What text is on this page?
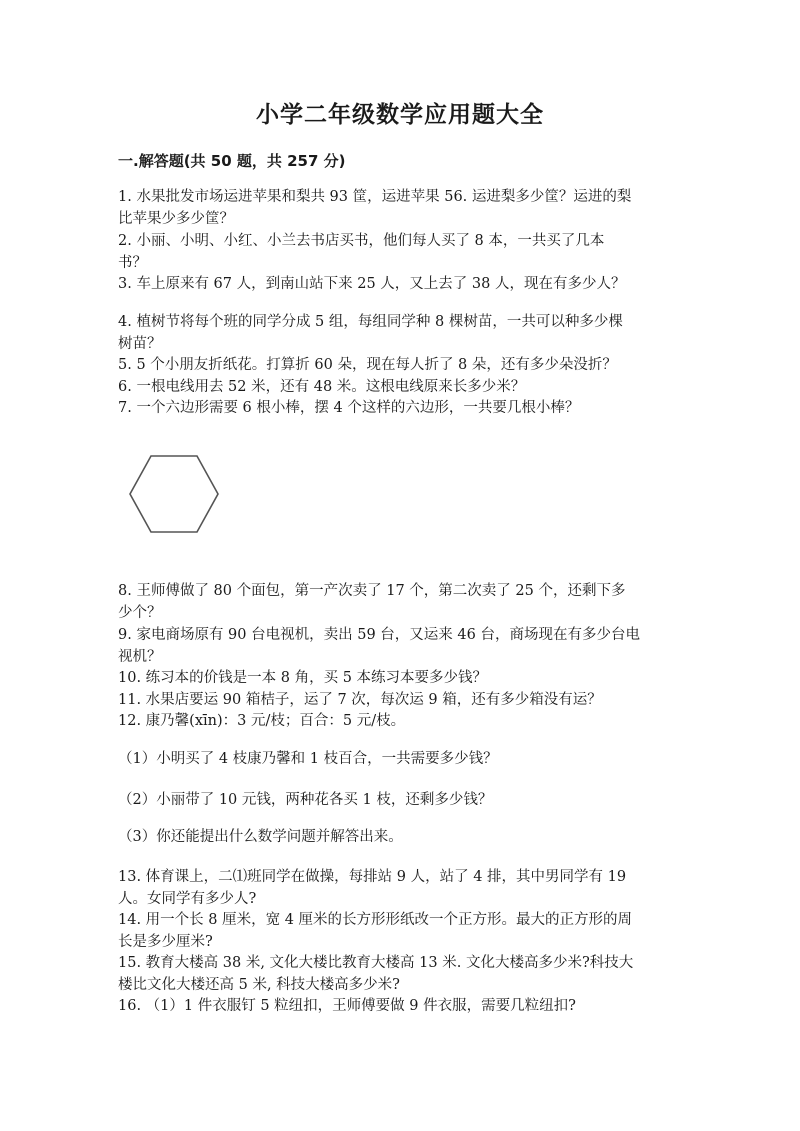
小学二年级数学应用题大全
一.解答题(共 50 题，共 257 分)
1. 水果批发市场运进苹果和梨共 93 筐，运进苹果 56. 运进梨多少筐？运进的梨
比苹果少多少筐？
2. 小丽、小明、小红、小兰去书店买书，他们每人买了 8 本，一共买了几本
书？
3. 车上原来有 67 人，到南山站下来 25 人，又上去了 38 人，现在有多少人？
4. 植树节将每个班的同学分成 5 组，每组同学种 8 棵树苗，一共可以种多少棵
树苗？
5. 5 个小朋友折纸花。打算折 60 朵，现在每人折了 8 朵，还有多少朵没折？
6. 一根电线用去 52 米，还有 48 米。这根电线原来长多少米？
7. 一个六边形需要 6 根小棒，摆 4 个这样的六边形，一共要几根小棒？
8. 王师傅做了 80 个面包，第一产次卖了 17 个，第二次卖了 25 个，还剩下多
少个？
9. 家电商场原有 90 台电视机，卖出 59 台，又运来 46 台，商场现在有多少台电
视机？
10. 练习本的价钱是一本 8 角，买 5 本练习本要多少钱？
11. 水果店要运 90 箱桔子，运了 7 次，每次运 9 箱，还有多少箱没有运？
12. 康乃馨(xīn)：3 元/枝；百合：5 元/枝。
（1）小明买了 4 枝康乃馨和 1 枝百合，一共需要多少钱？
（2）小丽带了 10 元钱，两种花各买 1 枝，还剩多少钱？
（3）你还能提出什么数学问题并解答出来。
13. 体育课上，二⑴班同学在做操，每排站 9 人，站了 4 排，其中男同学有 19
人。女同学有多少人?
14. 用一个长 8 厘米，宽 4 厘米的长方形形纸改一个正方形。最大的正方形的周
长是多少厘米?
15. 教育大楼高 38 米, 文化大楼比教育大楼高 13 米. 文化大楼高多少米?科技大
楼比文化大楼还高 5 米, 科技大楼高多少米?
16. （1）1 件衣服钉 5 粒纽扣，王师傅要做 9 件衣服，需要几粒纽扣?
